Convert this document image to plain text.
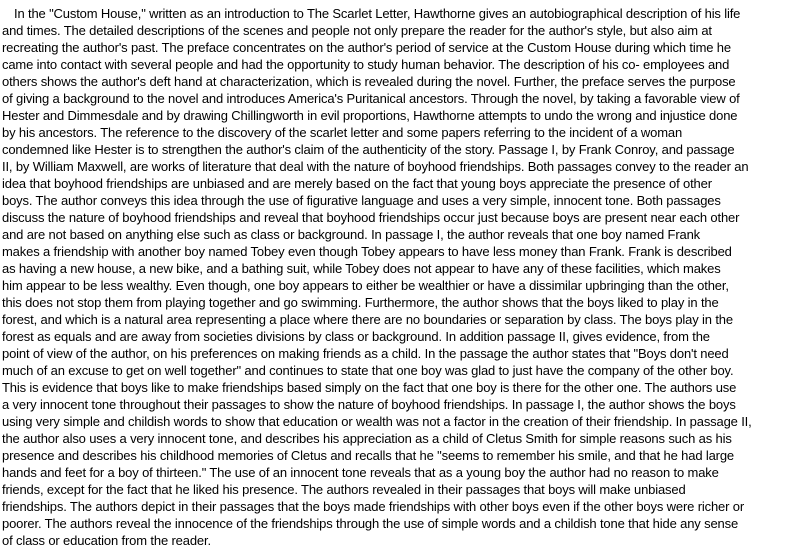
In the "Custom House," written as an introduction to The Scarlet Letter, Hawthorne gives an autobiographical description of his life
and times. The detailed descriptions of the scenes and people not only prepare the reader for the author's style, but also aim at
recreating the author's past. The preface concentrates on the author's period of service at the Custom House during which time he
came into contact with several people and had the opportunity to study human behavior. The description of his co- employees and
others shows the author's deft hand at characterization, which is revealed during the novel. Further, the preface serves the purpose
of giving a background to the novel and introduces America's Puritanical ancestors. Through the novel, by taking a favorable view of
Hester and Dimmesdale and by drawing Chillingworth in evil proportions, Hawthorne attempts to undo the wrong and injustice done
by his ancestors. The reference to the discovery of the scarlet letter and some papers referring to the incident of a woman
condemned like Hester is to strengthen the author's claim of the authenticity of the story. Passage I, by Frank Conroy, and passage
II, by William Maxwell, are works of literature that deal with the nature of boyhood friendships. Both passages convey to the reader an
idea that boyhood friendships are unbiased and are merely based on the fact that young boys appreciate the presence of other
boys. The author conveys this idea through the use of figurative language and uses a very simple, innocent tone. Both passages
discuss the nature of boyhood friendships and reveal that boyhood friendships occur just because boys are present near each other
and are not based on anything else such as class or background. In passage I, the author reveals that one boy named Frank
makes a friendship with another boy named Tobey even though Tobey appears to have less money than Frank. Frank is described
as having a new house, a new bike, and a bathing suit, while Tobey does not appear to have any of these facilities, which makes
him appear to be less wealthy. Even though, one boy appears to either be wealthier or have a dissimilar upbringing than the other,
this does not stop them from playing together and go swimming. Furthermore, the author shows that the boys liked to play in the
forest, and which is a natural area representing a place where there are no boundaries or separation by class. The boys play in the
forest as equals and are away from societies divisions by class or background. In addition passage II, gives evidence, from the
point of view of the author, on his preferences on making friends as a child. In the passage the author states that "Boys don't need
much of an excuse to get on well together" and continues to state that one boy was glad to just have the company of the other boy.
This is evidence that boys like to make friendships based simply on the fact that one boy is there for the other one. The authors use
a very innocent tone throughout their passages to show the nature of boyhood friendships. In passage I, the author shows the boys
using very simple and childish words to show that education or wealth was not a factor in the creation of their friendship. In passage II,
the author also uses a very innocent tone, and describes his appreciation as a child of Cletus Smith for simple reasons such as his
presence and describes his childhood memories of Cletus and recalls that he "seems to remember his smile, and that he had large
hands and feet for a boy of thirteen." The use of an innocent tone reveals that as a young boy the author had no reason to make
friends, except for the fact that he liked his presence. The authors revealed in their passages that boys will make unbiased
friendships. The authors depict in their passages that the boys made friendships with other boys even if the other boys were richer or
poorer. The authors reveal the innocence of the friendships through the use of simple words and a childish tone that hide any sense
of class or education from the reader.
